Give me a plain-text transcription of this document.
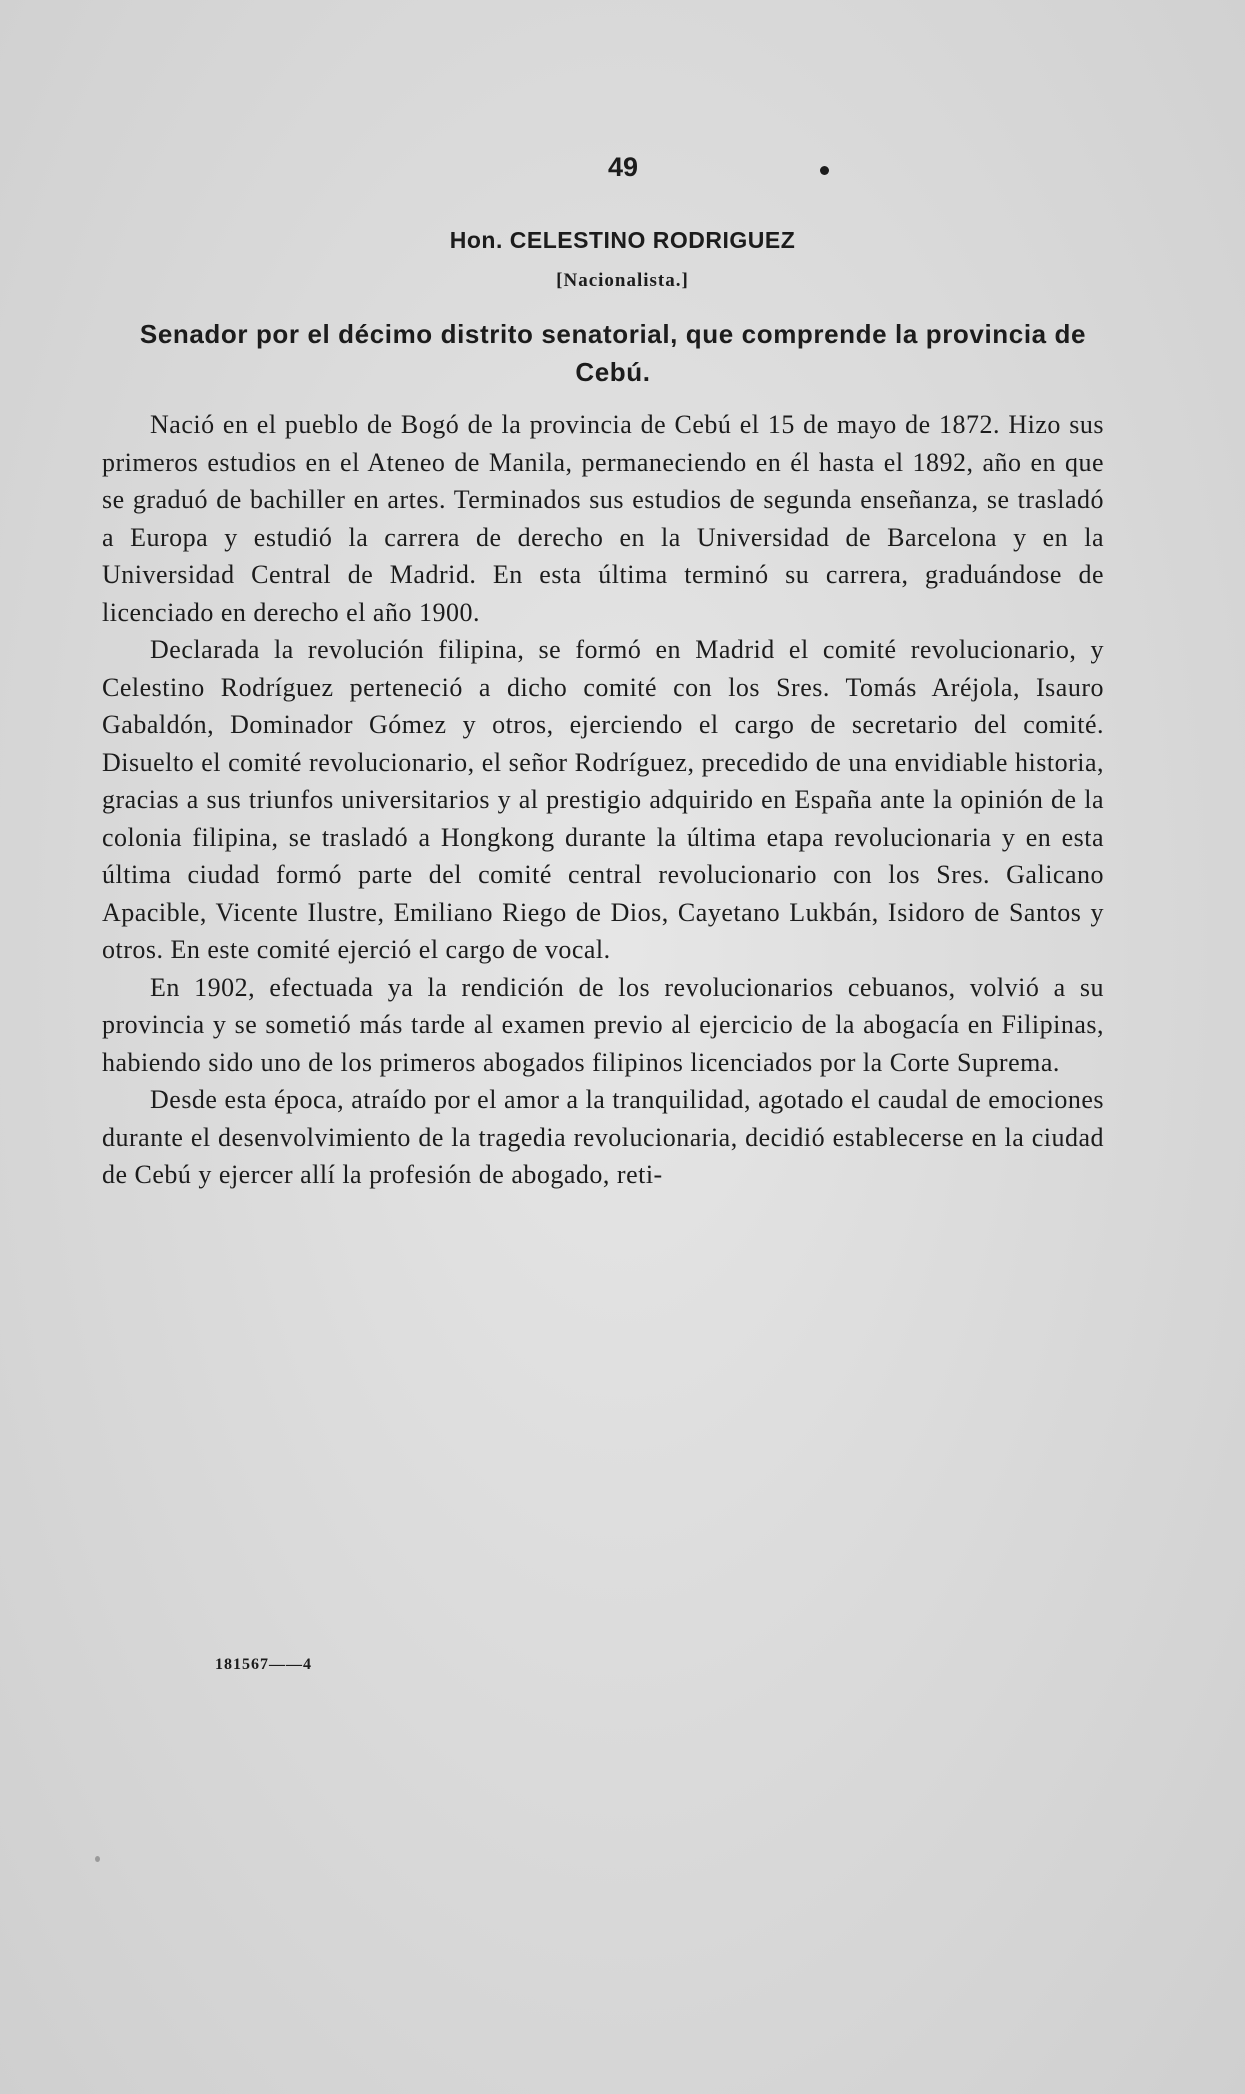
49
Hon. CELESTINO RODRIGUEZ
[Nacionalista.]
Senador por el décimo distrito senatorial, que comprende la provincia de Cebú.

Nació en el pueblo de Bogó de la provincia de Cebú el 15 de mayo de 1872. Hizo sus primeros estudios en el Ateneo de Manila, permaneciendo en él hasta el 1892, año en que se graduó de bachiller en artes. Terminados sus estudios de segunda enseñanza, se trasladó a Europa y estudió la carrera de derecho en la Universidad de Barcelona y en la Universidad Central de Madrid. En esta última terminó su carrera, graduándose de licenciado en derecho el año 1900.

Declarada la revolución filipina, se formó en Madrid el comité revolucionario, y Celestino Rodríguez perteneció a dicho comité con los Sres. Tomás Aréjola, Isauro Gabaldón, Dominador Gómez y otros, ejerciendo el cargo de secretario del comité. Disuelto el comité revolucionario, el señor Rodríguez, precedido de una envidiable historia, gracias a sus triunfos universitarios y al prestigio adquirido en España ante la opinión de la colonia filipina, se trasladó a Hongkong durante la última etapa revolucionaria y en esta última ciudad formó parte del comité central revolucionario con los Sres. Galicano Apacible, Vicente Ilustre, Emiliano Riego de Dios, Cayetano Lukbán, Isidoro de Santos y otros. En este comité ejerció el cargo de vocal.

En 1902, efectuada ya la rendición de los revolucionarios cebuanos, volvió a su provincia y se sometió más tarde al examen previo al ejercicio de la abogacía en Filipinas, habiendo sido uno de los primeros abogados filipinos licenciados por la Corte Suprema.

Desde esta época, atraído por el amor a la tranquilidad, agotado el caudal de emociones durante el desenvolvimiento de la tragedia revolucionaria, decidió establecerse en la ciudad de Cebú y ejercer allí la profesión de abogado, reti-

181567——4
